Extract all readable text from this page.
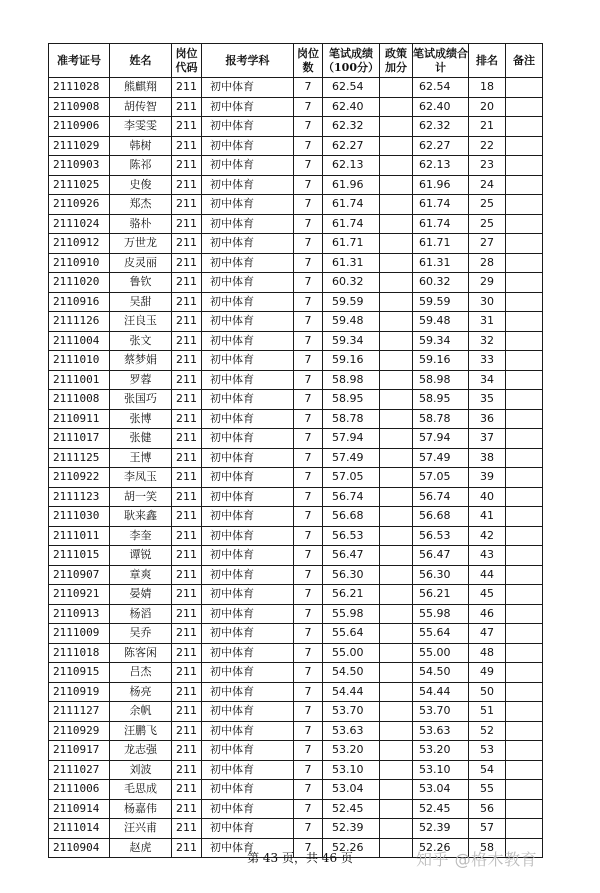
准考证号	姓名	岗位代码	报考学科	岗位数	笔试成绩（100分）	政策加分	笔试成绩合计	排名	备注
2111028	熊麒翔	211	初中体育	7	62.54		62.54	18	
2110908	胡传智	211	初中体育	7	62.40		62.40	20	
2110906	李雯雯	211	初中体育	7	62.32		62.32	21	
2111029	韩树	211	初中体育	7	62.27		62.27	22	
2110903	陈祁	211	初中体育	7	62.13		62.13	23	
2111025	史俊	211	初中体育	7	61.96		61.96	24	
2110926	郑杰	211	初中体育	7	61.74		61.74	25	
2111024	骆朴	211	初中体育	7	61.74		61.74	25	
2110912	万世龙	211	初中体育	7	61.71		61.71	27	
2110910	皮灵丽	211	初中体育	7	61.31		61.31	28	
2111020	鲁钦	211	初中体育	7	60.32		60.32	29	
2110916	吴甜	211	初中体育	7	59.59		59.59	30	
2111126	汪良玉	211	初中体育	7	59.48		59.48	31	
2111004	张文	211	初中体育	7	59.34		59.34	32	
2111010	蔡梦娟	211	初中体育	7	59.16		59.16	33	
2111001	罗蓉	211	初中体育	7	58.98		58.98	34	
2111008	张国巧	211	初中体育	7	58.95		58.95	35	
2110911	张博	211	初中体育	7	58.78		58.78	36	
2111017	张健	211	初中体育	7	57.94		57.94	37	
2111125	王博	211	初中体育	7	57.49		57.49	38	
2110922	李凤玉	211	初中体育	7	57.05		57.05	39	
2111123	胡一笑	211	初中体育	7	56.74		56.74	40	
2111030	耿来鑫	211	初中体育	7	56.68		56.68	41	
2111011	李奎	211	初中体育	7	56.53		56.53	42	
2111015	谭锐	211	初中体育	7	56.47		56.47	43	
2110907	章爽	211	初中体育	7	56.30		56.30	44	
2110921	晏婧	211	初中体育	7	56.21		56.21	45	
2110913	杨滔	211	初中体育	7	55.98		55.98	46	
2111009	吴乔	211	初中体育	7	55.64		55.64	47	
2111018	陈客闲	211	初中体育	7	55.00		55.00	48	
2110915	吕杰	211	初中体育	7	54.50		54.50	49	
2110919	杨亮	211	初中体育	7	54.44		54.44	50	
2111127	余帆	211	初中体育	7	53.70		53.70	51	
2110929	汪鹏飞	211	初中体育	7	53.63		53.63	52	
2110917	龙志强	211	初中体育	7	53.20		53.20	53	
2111027	刘波	211	初中体育	7	53.10		53.10	54	
2111006	毛思成	211	初中体育	7	53.04		53.04	55	
2110914	杨嘉伟	211	初中体育	7	52.45		52.45	56	
2111014	汪兴甫	211	初中体育	7	52.39		52.39	57	
2110904	赵虎	211	初中体育	7	52.26		52.26	58	
第 43 页，共 46 页	知乎 @格木教育
